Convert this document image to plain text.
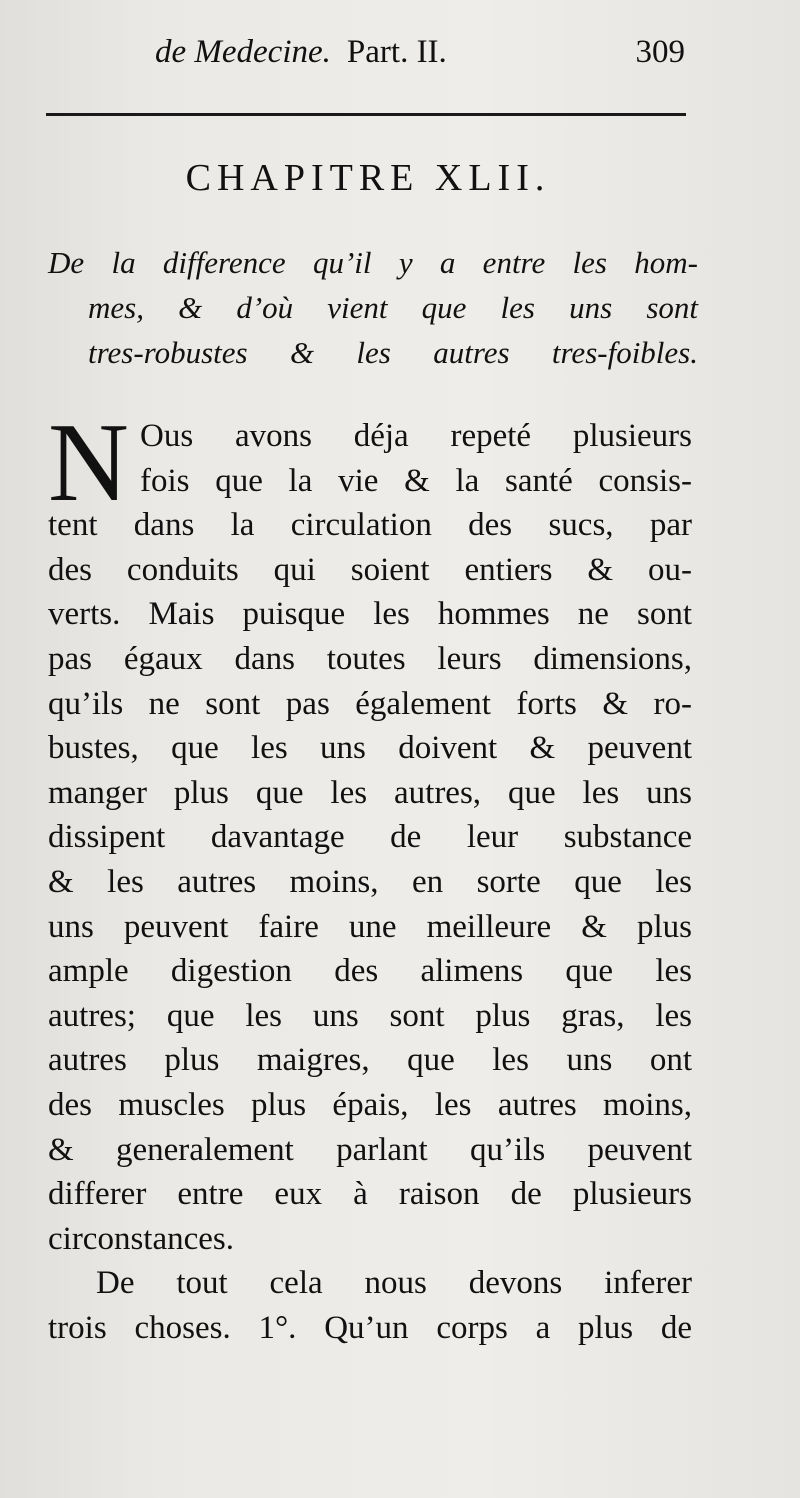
de Medecine. Part. II.	309
CHAPITRE XLII.
De la difference qu’il y a entre les hom-
mes, & d’où vient que les uns sont
tres-robustes & les autres tres-foibles.
N Ous avons déja repeté plusieurs
fois que la vie & la santé consis-
tent dans la circulation des sucs, par
des conduits qui soient entiers & ou-
verts. Mais puisque les hommes ne sont
pas égaux dans toutes leurs dimensions,
qu’ils ne sont pas également forts & ro-
bustes, que les uns doivent & peuvent
manger plus que les autres, que les uns
dissipent davantage de leur substance
& les autres moins, en sorte que les
uns peuvent faire une meilleure & plus
ample digestion des alimens que les
autres; que les uns sont plus gras, les
autres plus maigres, que les uns ont
des muscles plus épais, les autres moins,
& generalement parlant qu’ils peuvent
differer entre eux à raison de plusieurs
circonstances.
De tout cela nous devons inferer
trois choses. 1°. Qu’un corps a plus de
